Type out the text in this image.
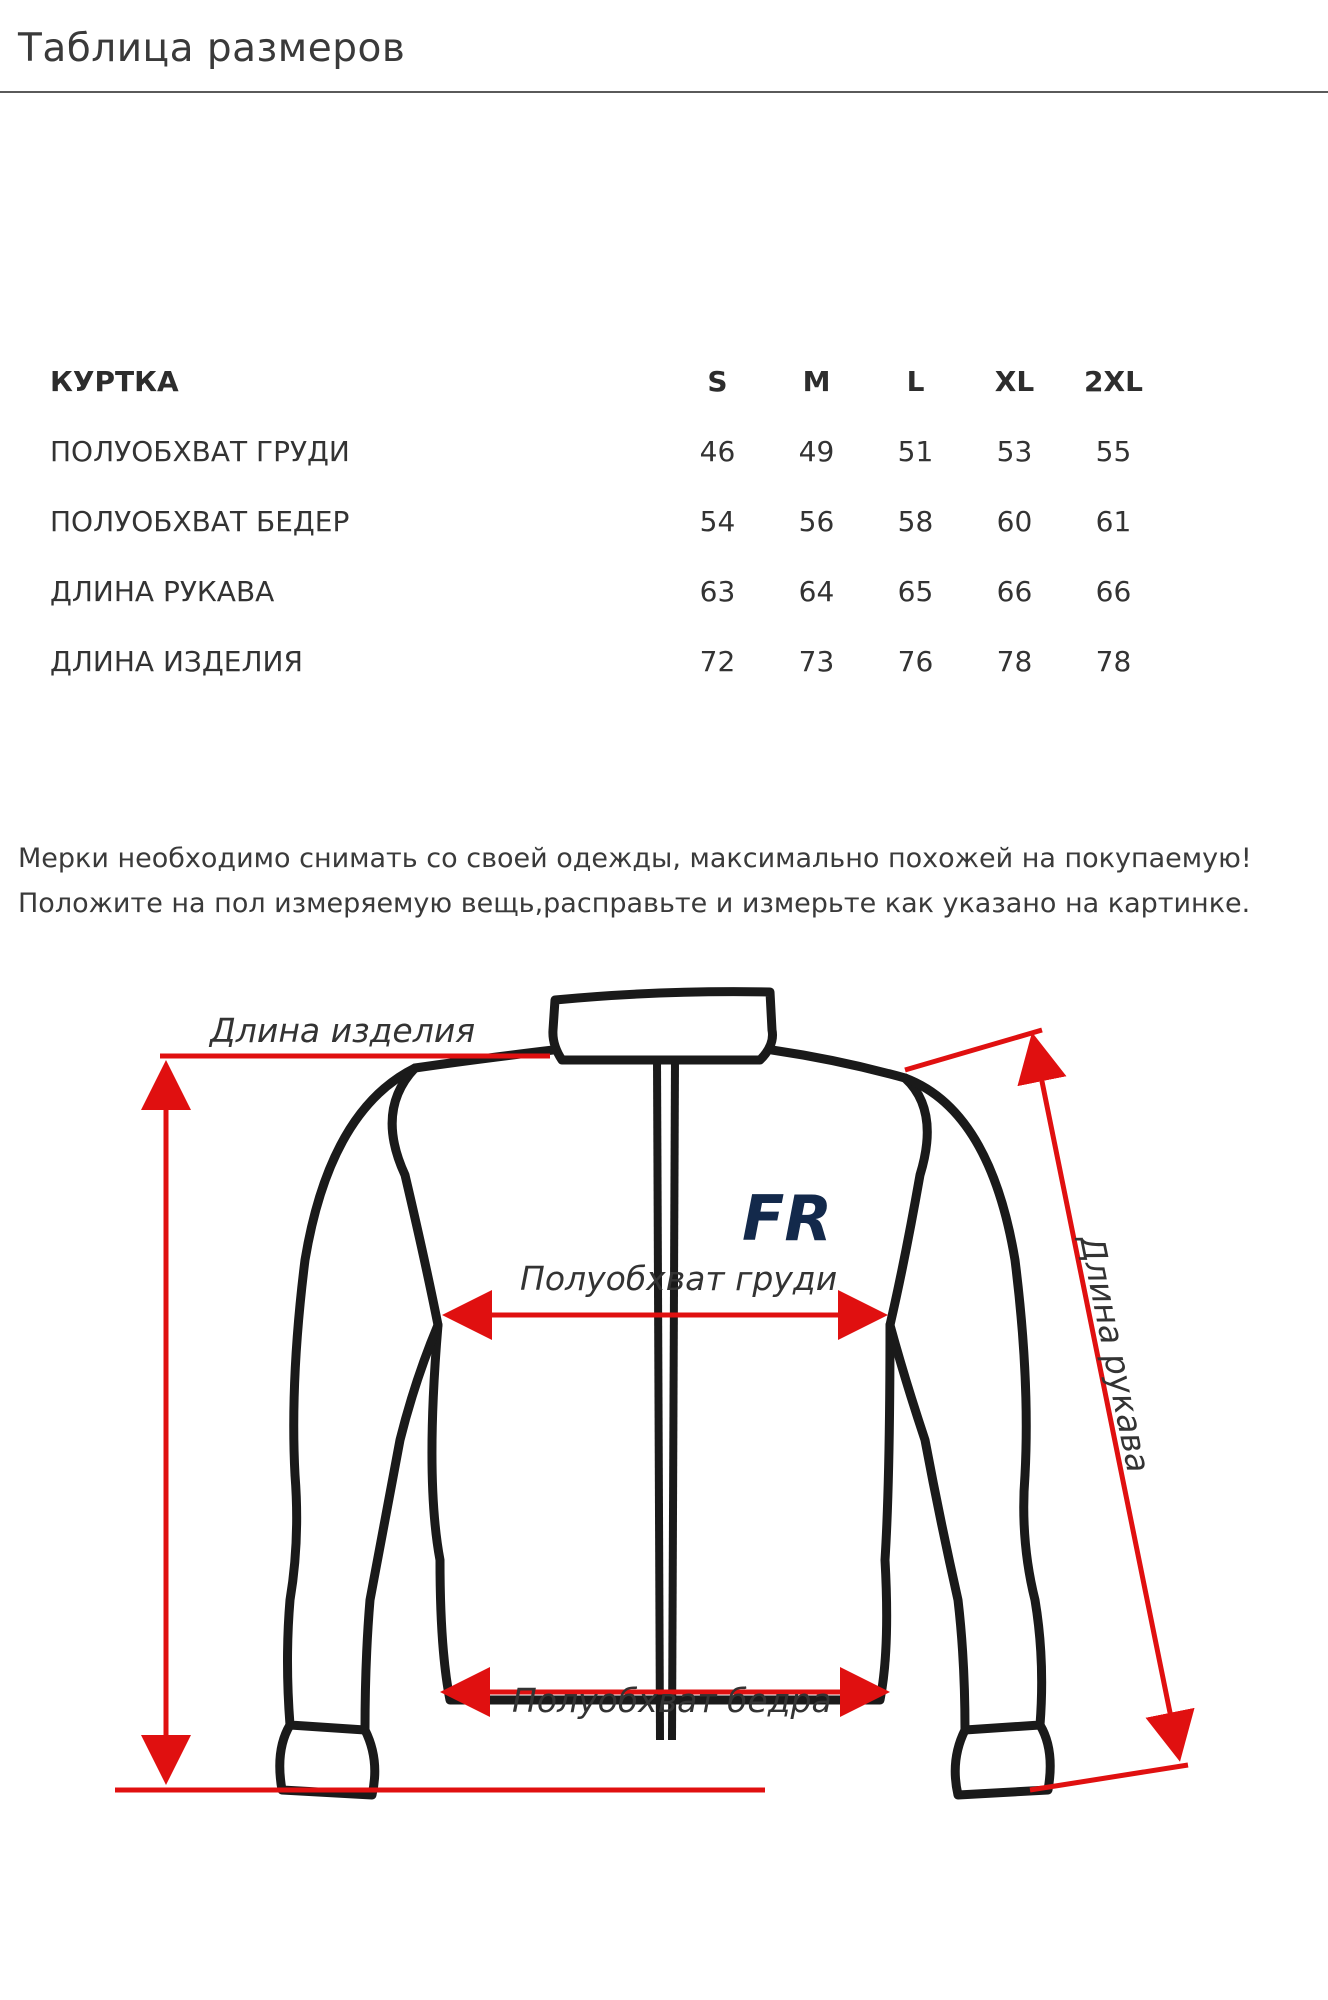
Таблица размеров
КУРТКА	S	M	L	XL	2XL
ПОЛУОБХВАТ ГРУДИ	46	49	51	53	55
ПОЛУОБХВАТ БЕДЕР	54	56	58	60	61
ДЛИНА РУКАВА	63	64	65	66	66
ДЛИНА ИЗДЕЛИЯ	72	73	76	78	78
Мерки необходимо снимать со своей одежды, максимально похожей на покупаемую!
Положите на пол измеряемую вещь,расправьте и измерьте как указано на картинке.
FR
Длина изделия
Полуобхват груди
Полуобхват бедра
Длина рукава
